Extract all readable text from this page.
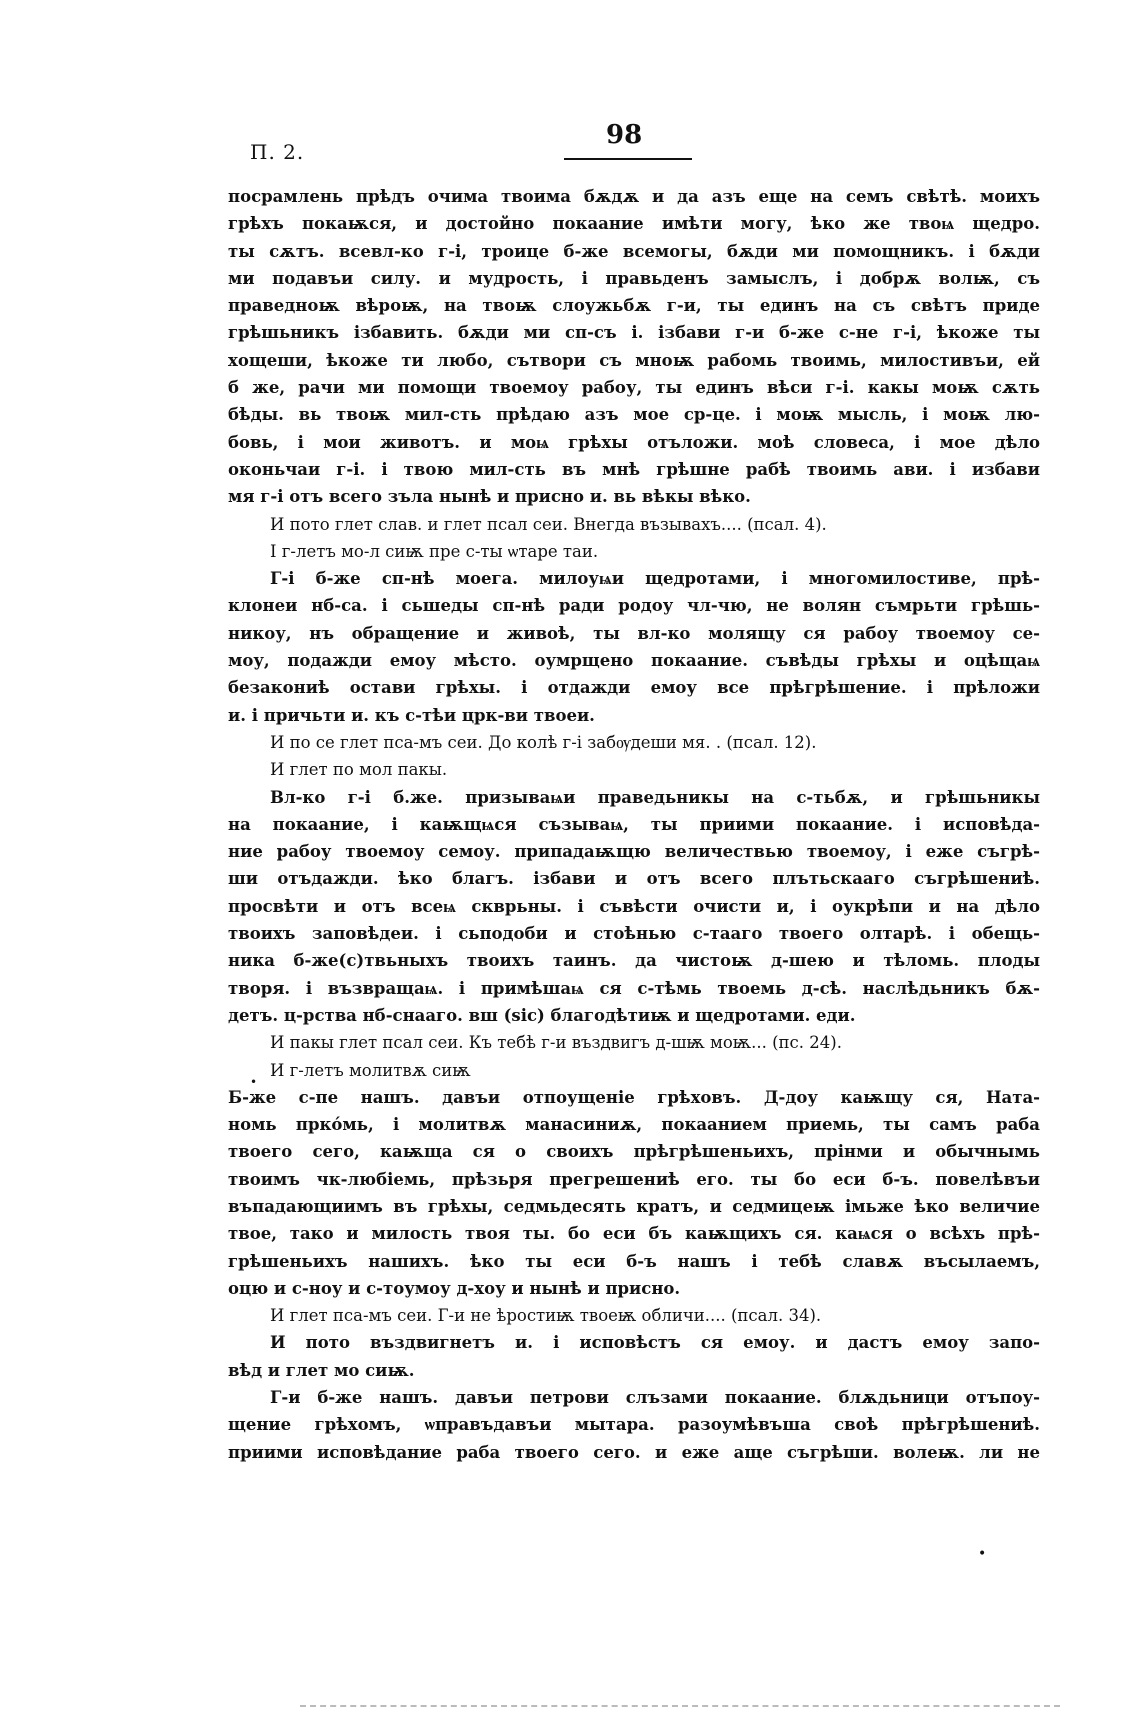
П. 2.
98
посрамлень прѣдъ очима твоима бѫдѫ и да азъ еще на семъ свѣтѣ. моихъ
грѣхъ покаѭся, и достойно покаание имѣти могу, ѣко же твоѩ щедро.
ты сѫтъ. всевл-ко г-і, троице б-же всемогы, бѫди ми помощникъ. і бѫди
ми подавъи силу. и мудрость, і правьденъ замыслъ, і добрѫ волѭ, съ
праведноѭ вѣроѭ, на твоѭ слоужьбѫ г-и, ты единъ на съ свѣтъ приде
грѣшьникъ ізбавить. бѫди ми сп-съ і. ізбави г-и б-же с-не г-і, ѣкоже ты
хощеши, ѣкоже ти любо, сътвори съ мноѭ рабомь твоимь, милостивъи, ей
б же, рачи ми помощи твоемоу рабоу, ты единъ вѣси г-і. какы моѭ сѫть
бѣды. вь твоѭ мил-сть прѣдаю азъ мое ср-це. і моѭ мысль, і моѭ лю-
бовь, і мои животъ. и моѩ грѣхы отъложи. моѣ словеса, і мое дѣло
оконьчаи г-і. і твою мил-сть въ мнѣ грѣшне рабѣ твоимь ави. і избави
мя г-і отъ всего зъла нынѣ и присно и. вь вѣкы вѣко.
И пото глет слав. и глет псал сеи. Внегда възывахъ.... (псал. 4).
І г-летъ мо-л сиѭ пре с-ты ѡтаре таи.
Г-і б-же сп-нѣ моега. милоуѩи щедротами, і многомилостиве, прѣ-
клонеи нб-са. і сьшеды сп-нѣ ради родоу чл-чю, не волян съмрьти грѣшь-
никоу, нъ обращение и живоѣ, ты вл-ко молящу ся рабоу твоемоу се-
моу, подажди емоу мѣсто. оумрщено покаание. съвѣды грѣхы и оцѣщаѩ
безакониѣ остави грѣхы. і отдажди емоу все прѣгрѣшение. і прѣложи
и. і причьти и. къ с-тѣи црк-ви твоеи.
И по се глет пса-мъ сеи. До колѣ г-і забѹдеши мя. . (псал. 12).
И глет по мол пакы.
Вл-ко г-і б.же. призываѩи праведьникы на с-тьбѫ, и грѣшьникы
на покаание, і каѭщѩся съзываѩ, ты приими покаание. і исповѣда-
ние рабоу твоемоу семоу. припадаѭщю величествью твоемоу, і еже съгрѣ-
ши отъдажди. ѣко благъ. ізбави и отъ всего плътьскааго съгрѣшениѣ.
просвѣти и отъ всеѩ скврьны. і съвѣсти очисти и, і оукрѣпи и на дѣло
твоихъ заповѣдеи. і сьподоби и стоѣнью с-тааго твоего олтарѣ. і обещь-
ника б-же(с)твьныхъ твоихъ таинъ. да чистоѭ д-шею и тѣломь. плоды
творя. і възвращаѩ. і примѣшаѩ ся с-тѣмь твоемь д-сѣ. наслѣдьникъ бѫ-
детъ. ц-рства нб-снааго. вш (sic) благодѣтиѭ и щедротами. еди.
И пакы глет псал сеи. Къ тебѣ г-и въздвигъ д-шѭ моѭ... (пс. 24).
И г-летъ молитвѫ сиѭ
Б-же с-пе нашъ. давъи отпоущеніе грѣховъ. Д-доу каѭщу ся, Ната-
номь прко́мь, і молитвѫ манасиниѫ, покаанием приемь, ты самъ раба
твоего сего, каѭща ся о своихъ прѣгрѣшеньихъ, прінми и обычнымь
твоимъ чк-любіемь, прѣзьря прегрешениѣ его. ты бо еси б-ъ. повелѣвъи
въпадающиимъ въ грѣхы, седмьдесять кратъ, и седмицеѭ імьже ѣко величие
твое, тако и милость твоя ты. бо еси бъ каѭщихъ ся. каѩся о всѣхъ прѣ-
грѣшеньихъ нашихъ. ѣко ты еси б-ъ нашъ і тебѣ славѫ въсылаемъ,
оцю и с-ноу и с-тоумоу д-хоу и нынѣ и присно.
И глет пса-мъ сеи. Г-и не ѣростиѭ твоеѭ обличи.... (псал. 34).
И пото въздвигнетъ и. і исповѣстъ ся емоу. и дастъ емоу запо-
вѣд и глет мо сиѭ.
Г-и б-же нашъ. давъи петрови слъзами покаание. блѫдьници отъпоу-
щение грѣхомъ, ѡправъдавъи мытара. разоумѣвъша своѣ прѣгрѣшениѣ.
приими исповѣдание раба твоего сего. и еже аще съгрѣши. волеѭ. ли не
•
•
